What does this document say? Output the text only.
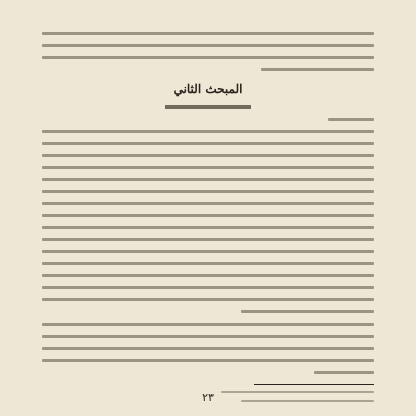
المبحث الثاني
٢٣
